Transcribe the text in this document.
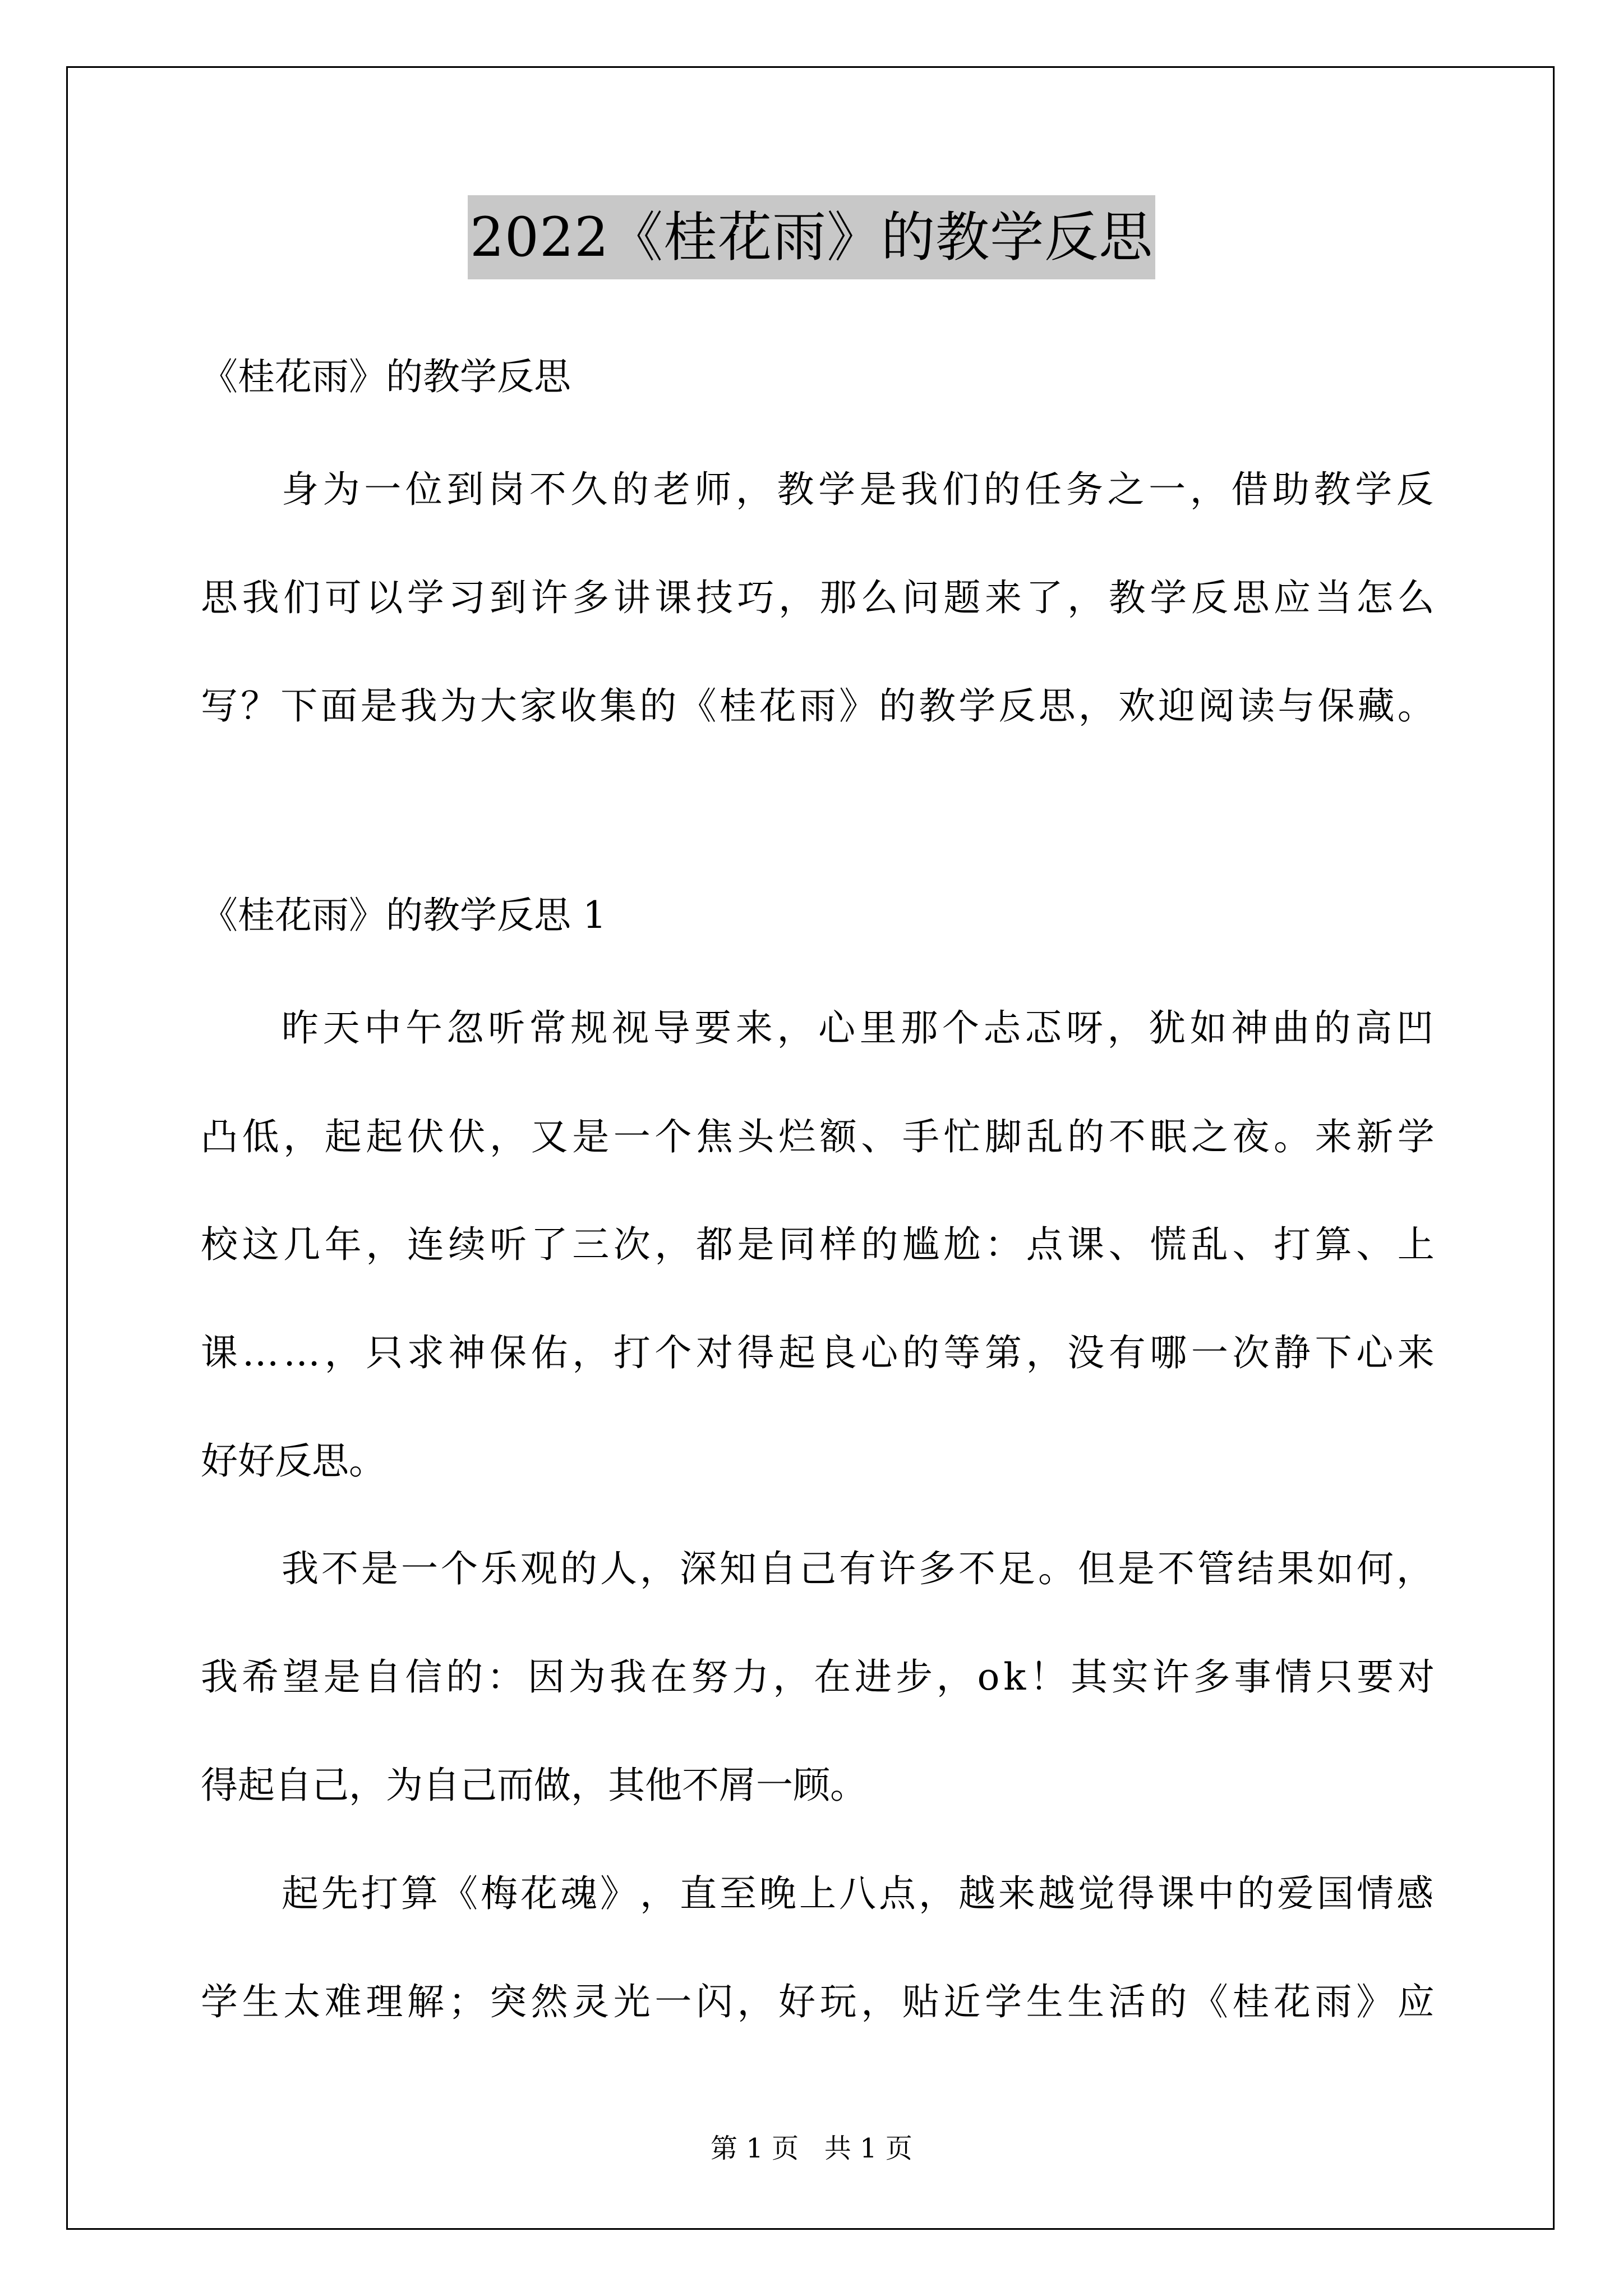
2022《桂花雨》的教学反思
《桂花雨》的教学反思
身 为 一 位 到 岗 不 久 的 老 师 ， 教 学 是 我 们 的 任 务 之 一 ， 借 助 教 学 反
思 我 们 可 以 学 习 到 许 多 讲 课 技 巧 ， 那 么 问 题 来 了 ， 教 学 反 思 应 当 怎 么
写 ？ 下 面 是 我 为 大 家 收 集 的 《 桂 花 雨 》 的 教 学 反 思 ， 欢 迎 阅 读 与 保 藏 。
《桂花雨》的教学反思 1
昨 天 中 午 忽 听 常 规 视 导 要 来 ， 心 里 那 个 忐 忑 呀 ， 犹 如 神 曲 的 高 凹
凸 低 ， 起 起 伏 伏 ， 又 是 一 个 焦 头 烂 额 、 手 忙 脚 乱 的 不 眠 之 夜 。 来 新 学
校 这 几 年 ， 连 续 听 了 三 次 ， 都 是 同 样 的 尴 尬 ： 点 课 、 慌 乱 、 打 算 、 上
课 … … ， 只 求 神 保 佑 ， 打 个 对 得 起 良 心 的 等 第 ， 没 有 哪 一 次 静 下 心 来
好好反思。
我 不 是 一 个 乐 观 的 人 ， 深 知 自 己 有 许 多 不 足 。 但 是 不 管 结 果 如 何 ，
我 希 望 是 自 信 的 ： 因 为 我 在 努 力 ， 在 进 步 ， o k ！ 其 实 许 多 事 情 只 要 对
得起自己，为自己而做，其他不屑一顾。
起 先 打 算 《 梅 花 魂 》 ， 直 至 晚 上 八 点 ， 越 来 越 觉 得 课 中 的 爱 国 情 感
学 生 太 难 理 解 ； 突 然 灵 光 一 闪 ， 好 玩 ， 贴 近 学 生 生 活 的 《 桂 花 雨 》 应
第 1 页   共 1 页
